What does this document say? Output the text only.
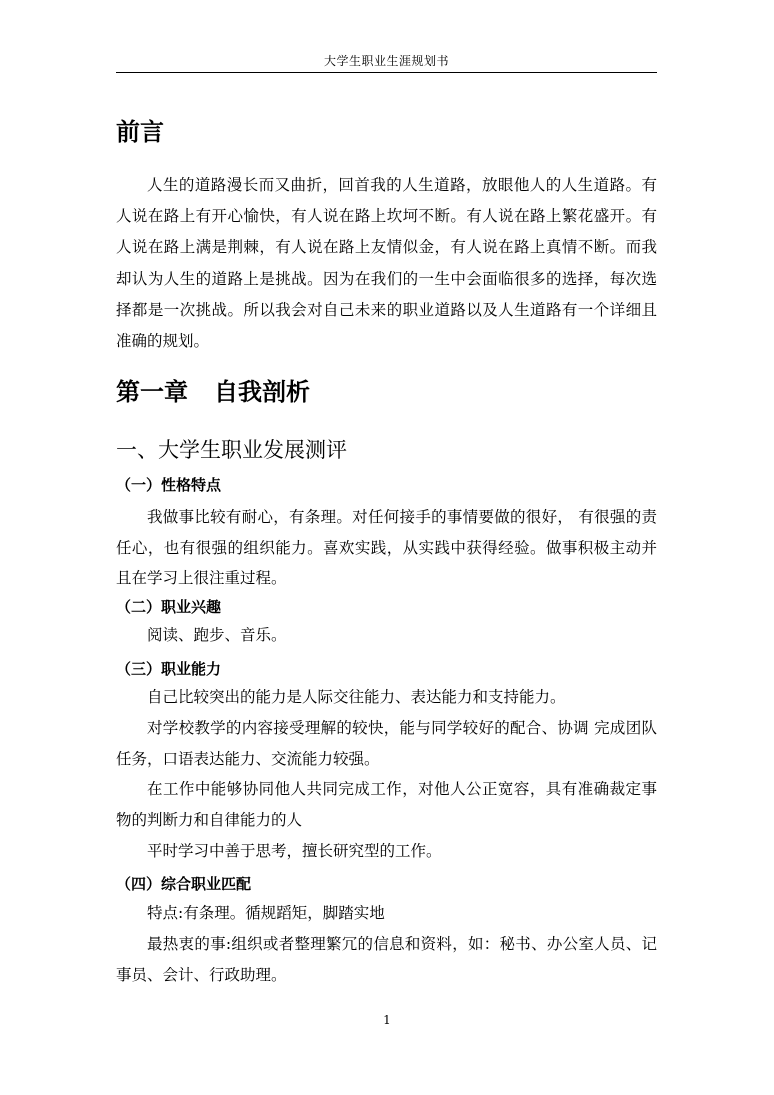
大学生职业生涯规划书
前言

人生的道路漫长而又曲折，回首我的人生道路，放眼他人的人生道路。有人说在路上有开心愉快，有人说在路上坎坷不断。有人说在路上繁花盛开。有人说在路上满是荆棘，有人说在路上友情似金，有人说在路上真情不断。而我却认为人生的道路上是挑战。因为在我们的一生中会面临很多的选择，每次选择都是一次挑战。所以我会对自己未来的职业道路以及人生道路有一个详细且准确的规划。

第一章 自我剖析
一、大学生职业发展测评
（一）性格特点

我做事比较有耐心，有条理。对任何接手的事情要做的很好， 有很强的责任心，也有很强的组织能力。喜欢实践，从实践中获得经验。做事积极主动并且在学习上很注重过程。

（二）职业兴趣

阅读、跑步、音乐。

（三）职业能力

自己比较突出的能力是人际交往能力、表达能力和支持能力。

对学校教学的内容接受理解的较快，能与同学较好的配合、协调 完成团队任务，口语表达能力、交流能力较强。

在工作中能够协同他人共同完成工作，对他人公正宽容，具有准确裁定事物的判断力和自律能力的人

平时学习中善于思考，擅长研究型的工作。

（四）综合职业匹配

特点:有条理。循规蹈矩，脚踏实地

最热衷的事:组织或者整理繁冗的信息和资料，如：秘书、办公室人员、记事员、会计、行政助理。

1
